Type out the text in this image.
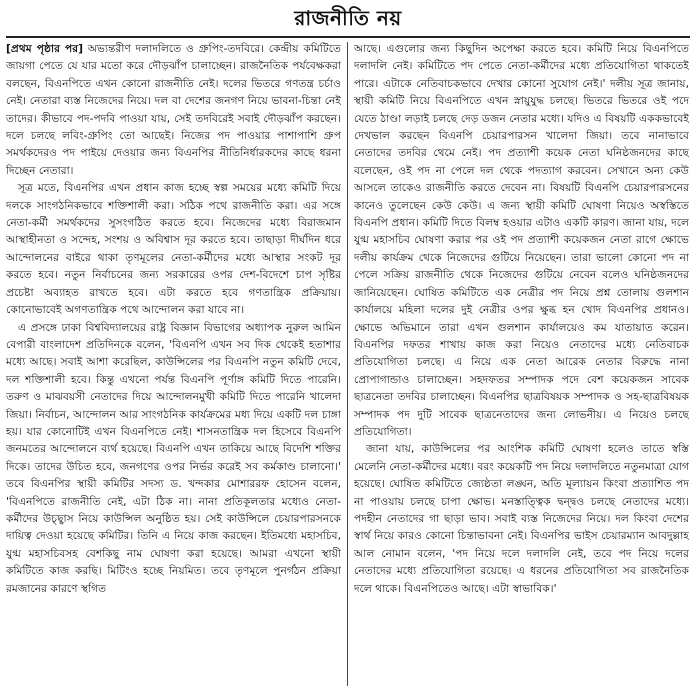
রাজনীতি নয়

[প্রথম পৃষ্ঠার পর] অভ্যন্তরীণ দলাদলিতে ও গ্রুপিং-তদবিরে। কেন্দ্রীয় কমিটিতে জায়গা পেতে যে যার মতো করে দৌড়ঝাঁপ চালাচ্ছেন। রাজনৈতিক পর্যবেক্ষকরা বলছেন, বিএনপিতে এখন কোনো রাজনীতি নেই। দলের ভিতরে গণতন্ত্র চর্চাও নেই। নেতারা ব্যস্ত নিজেদের নিয়ে। দল বা দেশের জনগণ নিয়ে ভাবনা-চিন্তা নেই তাদের। কীভাবে পদ-পদবি পাওয়া যায়, সেই তদবিরেই সবাই দৌড়ঝাঁপ করছেন। দলে চলছে লবিং-গ্রুপিং তো আছেই। নিজের পদ পাওয়ার পাশাপাশি গ্রুপ সমর্থকদেরও পদ পাইয়ে দেওয়ার জন্য বিএনপির নীতিনির্ধারকদের কাছে ধরনা দিচ্ছেন নেতারা।

সূত্র মতে, বিএনপির এখন প্রধান কাজ হচ্ছে স্বল্প সময়ের মধ্যে কমিটি দিয়ে দলকে সাংগঠনিকভাবে শক্তিশালী করা। সঠিক পথে রাজনীতি করা। এর সঙ্গে নেতা-কর্মী সমর্থকদের সুসংগঠিত করতে হবে। নিজেদের মধ্যে বিরাজমান আস্থাহীনতা ও সন্দেহ, সংশয় ও অবিশ্বাস দূর করতে হবে। তাছাড়া দীর্ঘদিন ধরে আন্দোলনের বাইরে থাকা তৃণমূলের নেতা-কর্মীদের মধ্যে আস্থার সংকট দূর করতে হবে। নতুন নির্বাচনের জন্য সরকারের ওপর দেশ-বিদেশে চাপ সৃষ্টির প্রচেষ্টা অব্যাহত রাখতে হবে। এটা করতে হবে গণতান্ত্রিক প্রক্রিয়ায়। কোনোভাবেই অগণতান্ত্রিক পথে আন্দোলন করা যাবে না।

এ প্রসঙ্গে ঢাকা বিশ্ববিদ্যালয়ের রাষ্ট্র বিজ্ঞান বিভাগের অধ্যাপক নুরুল আমিন বেপারী বাংলাদেশ প্রতিদিনকে বলেন, 'বিএনপি এখন সব দিক থেকেই হতাশার মধ্যে আছে। সবাই আশা করেছিল, কাউন্সিলের পর বিএনপি নতুন কমিটি দেবে, দল শক্তিশালী হবে। কিন্তু এখনো পর্যন্ত বিএনপি পূর্ণাঙ্গ কমিটি দিতে পারেনি। তরুণ ও মাঝবয়সী নেতাদের দিয়ে আন্দোলনমুখী কমিটি দিতে পারেনি খালেদা জিয়া। নির্বাচন, আন্দোলন আর সাংগঠনিক কার্যক্রমের মধ্য দিয়ে একটি দল চাঙ্গা হয়। যার কোনোটিই এখন বিএনপিতে নেই। শাসনতান্ত্রিক দল হিসেবে বিএনপি জনমতের আন্দোলনে ব্যর্থ হয়েছে। বিএনপি এখন তাকিয়ে আছে বিদেশি শক্তির দিকে। তাদের উচিত হবে, জনগণের ওপর নির্ভর করেই সব কর্মকাণ্ড চালানো।' তবে বিএনপির স্থায়ী কমিটির সদস্য ড. খন্দকার মোশাররফ হোসেন বলেন, 'বিএনপিতে রাজনীতি নেই, এটা ঠিক না। নানা প্রতিকূলতার মধ্যেও নেতা-কর্মীদের উচ্ছ্বাস নিয়ে কাউন্সিল অনুষ্ঠিত হয়। সেই কাউন্সিলে চেয়ারপারসনকে দায়িত্ব দেওয়া হয়েছে কমিটির। তিনি এ নিয়ে কাজ করছেন। ইতিমধ্যে মহাসচিব, যুগ্ম মহাসচিবসহ বেশকিছু নাম ঘোষণা করা হয়েছে। আমরা এখনো স্থায়ী কমিটিতে কাজ করছি। মিটিংও হচ্ছে নিয়মিত। তবে তৃণমূলে পুনর্গঠন প্রক্রিয়া রমজানের কারণে স্থগিত

আছে। এগুলোর জন্য কিছুদিন অপেক্ষা করতে হবে। কমিটি নিয়ে বিএনপিতে দলাদলি নেই। কমিটিতে পদ পেতে নেতা-কর্মীদের মধ্যে প্রতিযোগিতা থাকতেই পারে। এটাকে নেতিবাচকভাবে দেখার কোনো সুযোগ নেই।' দলীয় সূত্র জানায়, স্থায়ী কমিটি নিয়ে বিএনপিতে এখন স্নায়ুযুদ্ধ চলছে। ভিতরে ভিতরে ওই পদে যেতে ঠাণ্ডা লড়াই চলছে দেড় ডজন নেতার মধ্যে। যদিও এ বিষয়টি এককভাবেই দেখভাল করছেন বিএনপি চেয়ারপারসন খালেদা জিয়া। তবে নানাভাবে নেতাদের তদবির থেমে নেই। পদ প্রত্যাশী কয়েক নেতা ঘনিষ্ঠজনদের কাছে বলেছেন, ওই পদ না পেলে দল থেকে পদত্যাগ করবেন। সেখানে অন্য কেউ আসলে তাকেও রাজনীতি করতে দেবেন না। বিষয়টি বিএনপি চেয়ারপারসনের কানেও তুলেছেন কেউ কেউ। এ জন্য স্থায়ী কমিটি ঘোষণা নিয়েও অস্বস্তিতে বিএনপি প্রধান। কমিটি দিতে বিলম্ব হওয়ার এটাও একটি কারণ। জানা যায়, দলে যুগ্ম মহাসচিব ঘোষণা করার পর ওই পদ প্রত্যাশী কয়েকজন নেতা রাগে ক্ষোভে দলীয় কার্যক্রম থেকে নিজেদের গুটিয়ে নিয়েছেন। তারা ভালো কোনো পদ না পেলে সক্রিয় রাজনীতি থেকে নিজেদের গুটিয়ে নেবেন বলেও ঘনিষ্ঠজনদের জানিয়েছেন। ঘোষিত কমিটিতে এক নেত্রীর পদ নিয়ে প্রশ্ন তোলায় গুলশান কার্যালয়ে মহিলা দলের দুই নেত্রীর ওপর ক্ষুব্ধ হন খোদ বিএনপির প্রধানও। ক্ষোভে অভিমানে তারা এখন গুলশান কার্যালয়েও কম যাতায়াত করেন। বিএনপির দফতর শাখায় কাজ করা নিয়েও নেতাদের মধ্যে নেতিবাচক প্রতিযোগিতা চলছে। এ নিয়ে এক নেতা আরেক নেতার বিরুদ্ধে নানা প্রোপাগান্ডাও চালাচ্ছেন। সহদফতর সম্পাদক পদে বেশ কয়েকজন সাবেক ছাত্রনেতা তদবির চালাচ্ছেন। বিএনপির ছাত্রবিষয়ক সম্পাদক ও সহ-ছাত্রবিষয়ক সম্পাদক পদ দুটি সাবেক ছাত্রনেতাদের জন্য লোভনীয়। এ নিয়েও চলছে প্রতিযোগিতা।

জানা যায়, কাউন্সিলের পর আংশিক কমিটি ঘোষণা হলেও তাতে স্বস্তি মেলেনি নেতা-কর্মীদের মধ্যে। বরং কয়েকটি পদ নিয়ে দলাদলিতে নতুনমাত্রা যোগ হয়েছে। ঘোষিত কমিটিতে জ্যেষ্ঠতা লঙ্ঘন, অতি মূল্যায়ন কিংবা প্রত্যাশিত পদ না পাওয়ায় চলছে চাপা ক্ষোভ। মনস্তাত্ত্বিক দ্বন্দ্বও চলছে নেতাদের মধ্যে। পদহীন নেতাদের গা ছাড়া ভাব। সবাই ব্যস্ত নিজেদের নিয়ে। দল কিংবা দেশের স্বার্থ নিয়ে কারও কোনো চিন্তাভাবনা নেই। বিএনপির ভাইস চেয়ারম্যান আবদুল্লাহ আল নোমান বলেন, 'পদ নিয়ে দলে দলাদলি নেই, তবে পদ নিয়ে দলের নেতাদের মধ্যে প্রতিযোগিতা রয়েছে। এ ধরনের প্রতিযোগিতা সব রাজনৈতিক দলে থাকে। বিএনপিতেও আছে। এটা স্বাভাবিক।'
